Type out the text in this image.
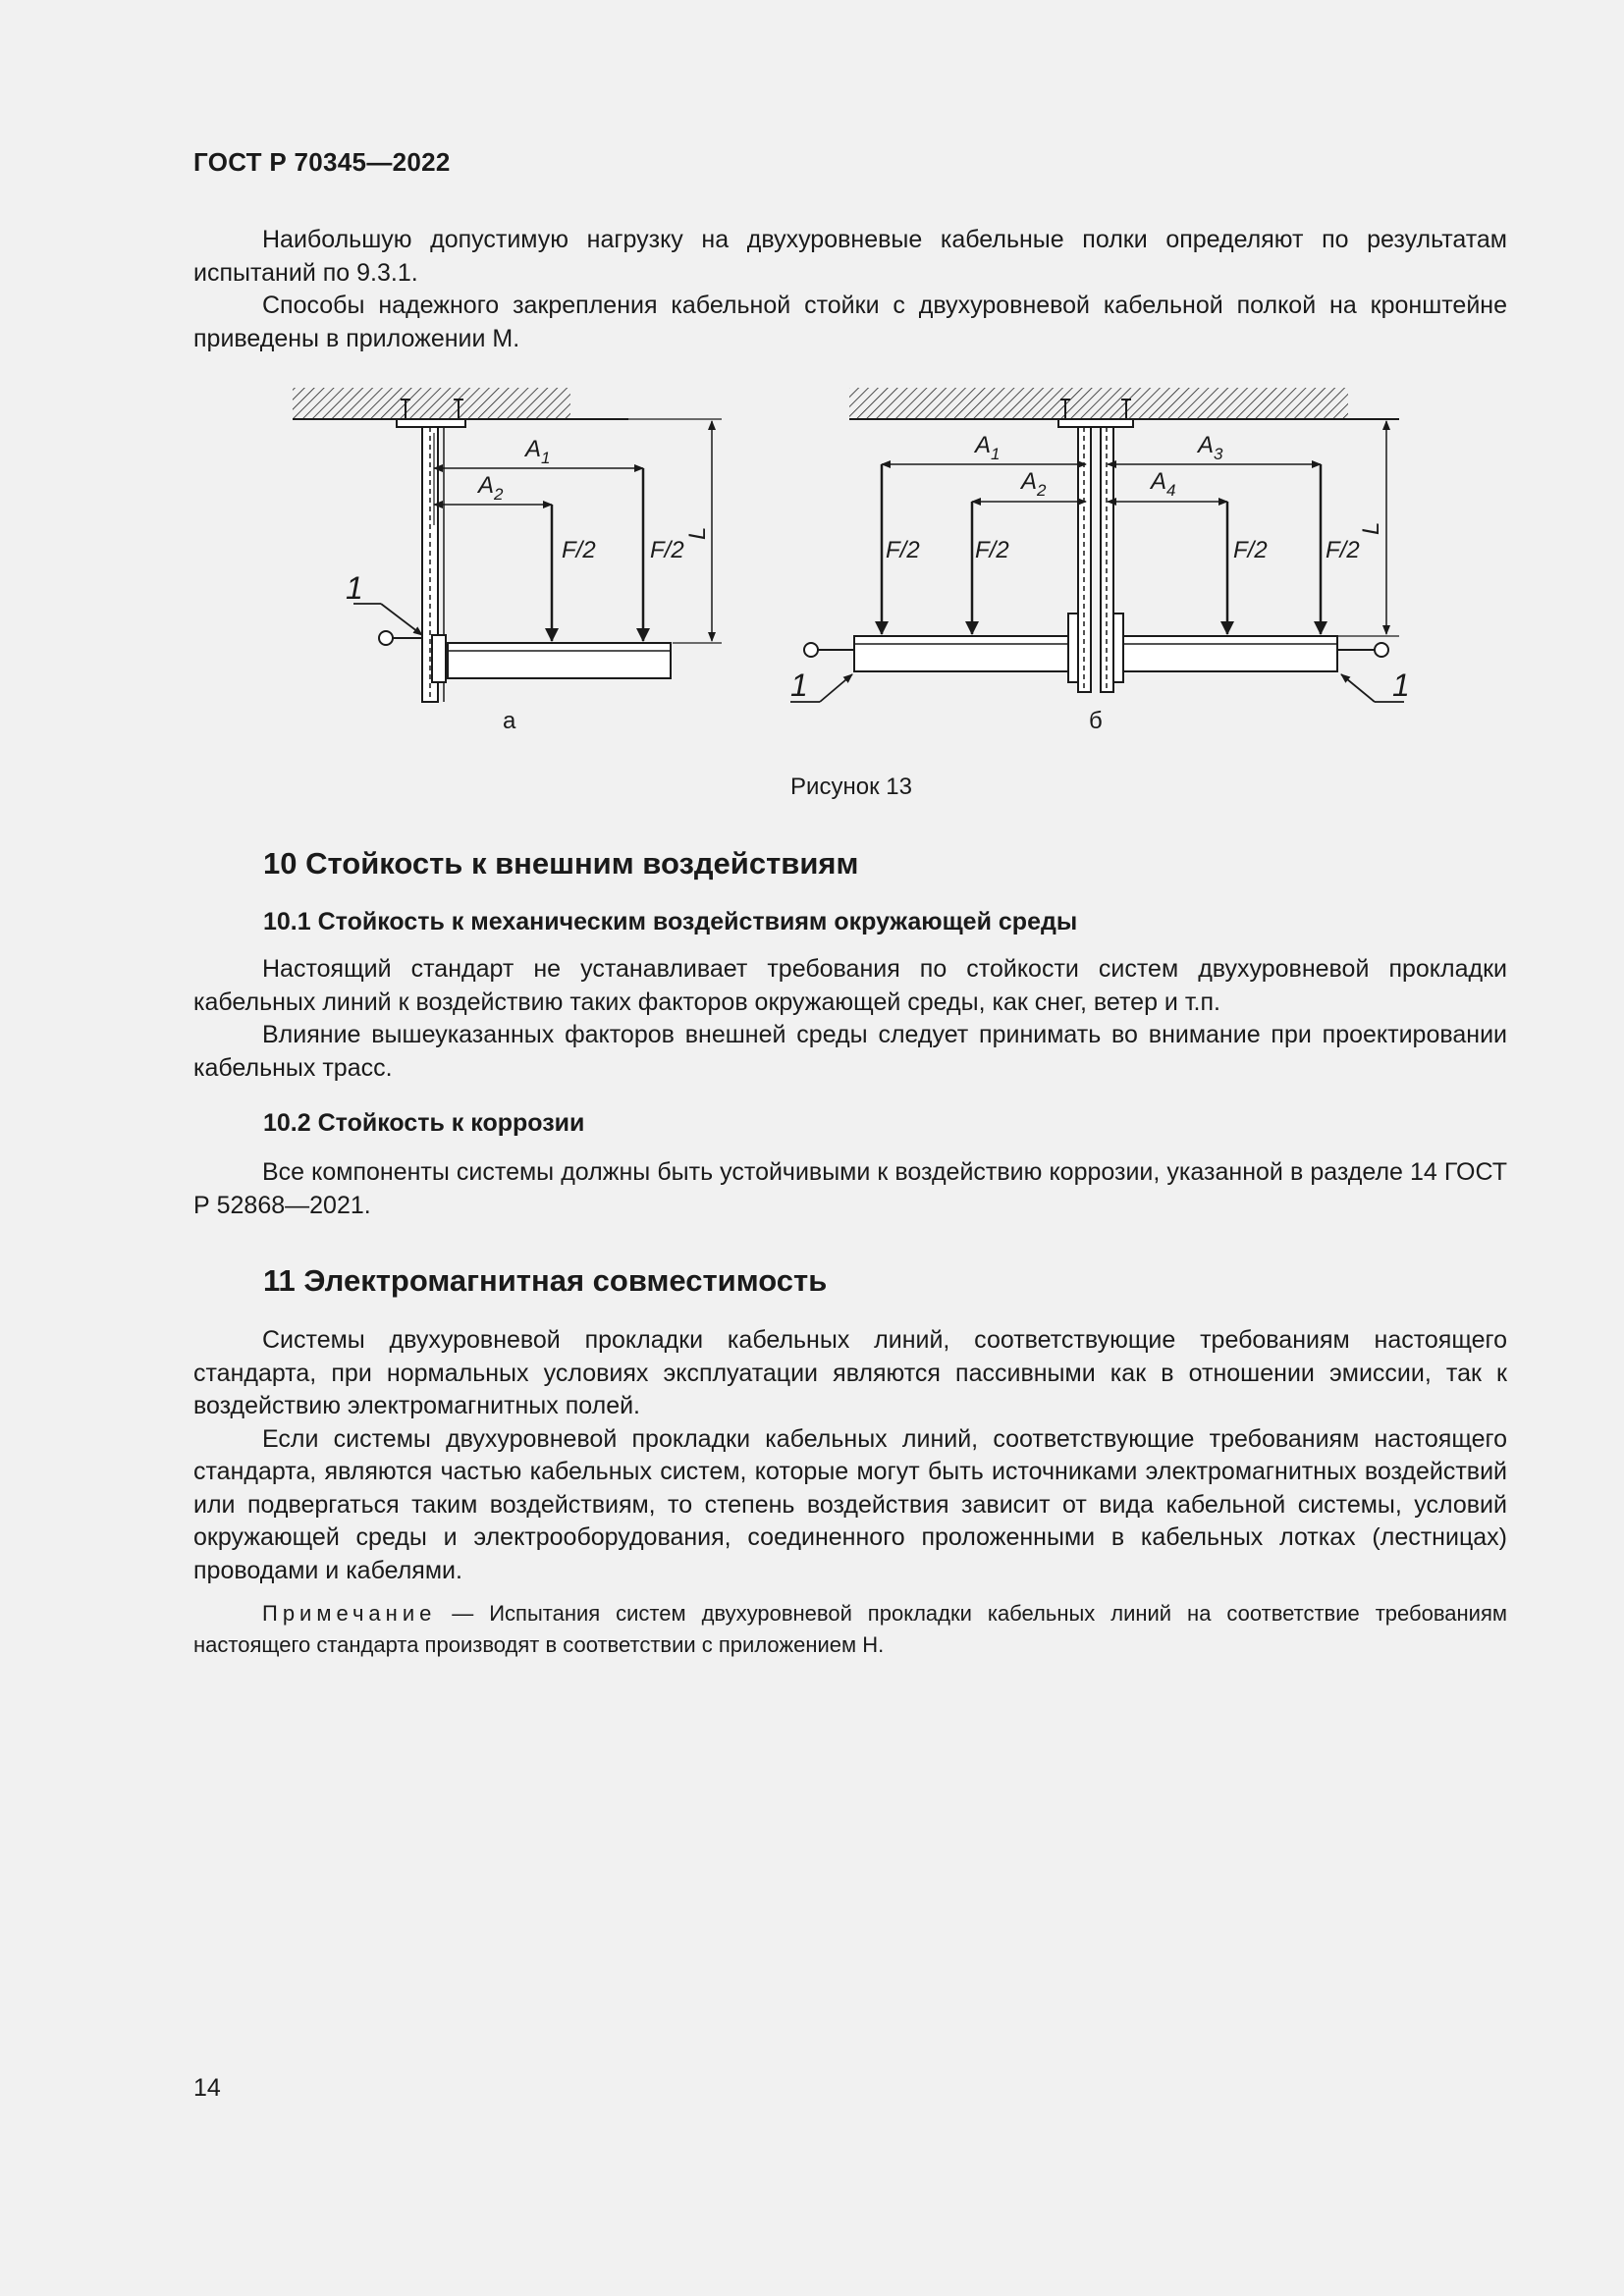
ГОСТ Р 70345—2022

Наибольшую допустимую нагрузку на двухуровневые кабельные полки определяют по результатам испытаний по 9.3.1.

Способы надежного закрепления кабельной стойки с двухуровневой кабельной полкой на кронштейне приведены в приложении М.

$A_1$
$A_2$
F/2 F/2
L
1
а
$A_1$
$A_2$
$A_3$
$A_4$
F/2 F/2	F/2 F/2
L
1	1
б
Рисунок 13
10 Стойкость к внешним воздействиям
10.1 Стойкость к механическим воздействиям окружающей среды

Настоящий стандарт не устанавливает требования по стойкости систем двухуровневой прокладки кабельных линий к воздействию таких факторов окружающей среды, как снег, ветер и т.п.

Влияние вышеуказанных факторов внешней среды следует принимать во внимание при проектировании кабельных трасс.

10.2 Стойкость к коррозии

Все компоненты системы должны быть устойчивыми к воздействию коррозии, указанной в разделе 14 ГОСТ Р 52868—2021.

11 Электромагнитная совместимость

Системы двухуровневой прокладки кабельных линий, соответствующие требованиям настоящего стандарта, при нормальных условиях эксплуатации являются пассивными как в отношении эмиссии, так к воздействию электромагнитных полей.

Если системы двухуровневой прокладки кабельных линий, соответствующие требованиям настоящего стандарта, являются частью кабельных систем, которые могут быть источниками электромагнитных воздействий или подвергаться таким воздействиям, то степень воздействия зависит от вида кабельной системы, условий окружающей среды и электрооборудования, соединенного проложенными в кабельных лотках (лестницах) проводами и кабелями.

Примечание — Испытания систем двухуровневой прокладки кабельных линий на соответствие требованиям настоящего стандарта производят в соответствии с приложением Н.

14
